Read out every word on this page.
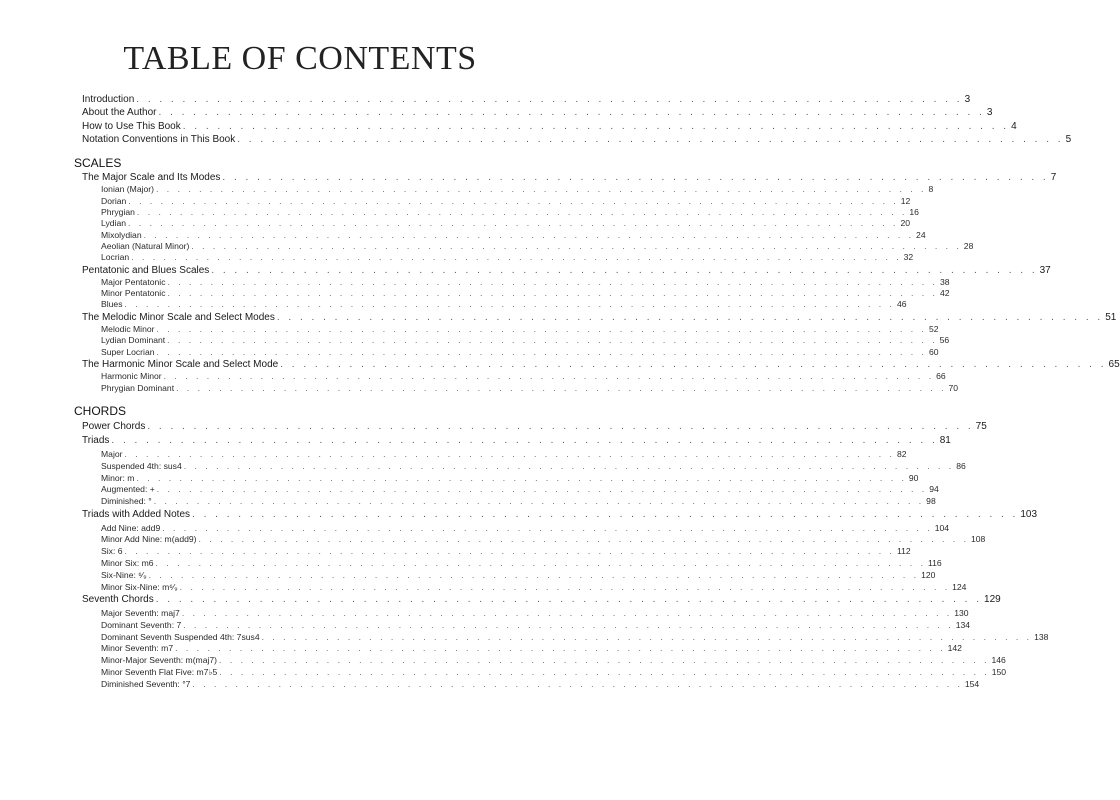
TABLE OF CONTENTS
Introduction . . . . . . . . . . . . . . . . . . . . . . . . . . . . . . . . . . . . . . . . . . . . . . . . . . . . . . . . . . . . . . . . . . . . . . . . 3
About the Author . . . . . . . . . . . . . . . . . . . . . . . . . . . . . . . . . . . . . . . . . . . . . . . . . . . . . . . . . . . . . . . . . . . . . . . . 3
How to Use This Book . . . . . . . . . . . . . . . . . . . . . . . . . . . . . . . . . . . . . . . . . . . . . . . . . . . . . . . . . . . . . . . . . . . . . . . . 4
Notation Conventions in This Book . . . . . . . . . . . . . . . . . . . . . . . . . . . . . . . . . . . . . . . . . . . . . . . . . . . . . . . . . . . . . . . . . . . . . . . . 5
SCALES
The Major Scale and Its Modes . . . . . . . . . . . . . . . . . . . . . . . . . . . . . . . . . . . . . . . . . . . . . . . . . . . . . . . . . . . . . . . . . . . . . . . . 7
Ionian (Major) . . . . . . . . . . . . . . . . . . . . . . . . . . . . . . . . . . . . . . . . . . . . . . . . . . . . . . . . . . . . . . . . . . . . . . . . 8
Dorian . . . . . . . . . . . . . . . . . . . . . . . . . . . . . . . . . . . . . . . . . . . . . . . . . . . . . . . . . . . . . . . . . . . . . . . . 12
Phrygian . . . . . . . . . . . . . . . . . . . . . . . . . . . . . . . . . . . . . . . . . . . . . . . . . . . . . . . . . . . . . . . . . . . . . . . . 16
Lydian . . . . . . . . . . . . . . . . . . . . . . . . . . . . . . . . . . . . . . . . . . . . . . . . . . . . . . . . . . . . . . . . . . . . . . . . 20
Mixolydian . . . . . . . . . . . . . . . . . . . . . . . . . . . . . . . . . . . . . . . . . . . . . . . . . . . . . . . . . . . . . . . . . . . . . . . . 24
Aeolian (Natural Minor) . . . . . . . . . . . . . . . . . . . . . . . . . . . . . . . . . . . . . . . . . . . . . . . . . . . . . . . . . . . . . . . . . . . . . . . . 28
Locrian . . . . . . . . . . . . . . . . . . . . . . . . . . . . . . . . . . . . . . . . . . . . . . . . . . . . . . . . . . . . . . . . . . . . . . . . 32
Pentatonic and Blues Scales . . . . . . . . . . . . . . . . . . . . . . . . . . . . . . . . . . . . . . . . . . . . . . . . . . . . . . . . . . . . . . . . . . . . . . . . 37
Major Pentatonic . . . . . . . . . . . . . . . . . . . . . . . . . . . . . . . . . . . . . . . . . . . . . . . . . . . . . . . . . . . . . . . . . . . . . . . . 38
Minor Pentatonic . . . . . . . . . . . . . . . . . . . . . . . . . . . . . . . . . . . . . . . . . . . . . . . . . . . . . . . . . . . . . . . . . . . . . . . . 42
Blues . . . . . . . . . . . . . . . . . . . . . . . . . . . . . . . . . . . . . . . . . . . . . . . . . . . . . . . . . . . . . . . . . . . . . . . . 46
The Melodic Minor Scale and Select Modes . . . . . . . . . . . . . . . . . . . . . . . . . . . . . . . . . . . . . . . . . . . . . . . . . . . . . . . . . . . . . . . . . . . . . . . . 51
Melodic Minor . . . . . . . . . . . . . . . . . . . . . . . . . . . . . . . . . . . . . . . . . . . . . . . . . . . . . . . . . . . . . . . . . . . . . . . . 52
Lydian Dominant . . . . . . . . . . . . . . . . . . . . . . . . . . . . . . . . . . . . . . . . . . . . . . . . . . . . . . . . . . . . . . . . . . . . . . . . 56
Super Locrian . . . . . . . . . . . . . . . . . . . . . . . . . . . . . . . . . . . . . . . . . . . . . . . . . . . . . . . . . . . . . . . . . . . . . . . . 60
The Harmonic Minor Scale and Select Mode . . . . . . . . . . . . . . . . . . . . . . . . . . . . . . . . . . . . . . . . . . . . . . . . . . . . . . . . . . . . . . . . . . . . . . . . 65
Harmonic Minor . . . . . . . . . . . . . . . . . . . . . . . . . . . . . . . . . . . . . . . . . . . . . . . . . . . . . . . . . . . . . . . . . . . . . . . . 66
Phrygian Dominant . . . . . . . . . . . . . . . . . . . . . . . . . . . . . . . . . . . . . . . . . . . . . . . . . . . . . . . . . . . . . . . . . . . . . . . . 70
CHORDS
Power Chords . . . . . . . . . . . . . . . . . . . . . . . . . . . . . . . . . . . . . . . . . . . . . . . . . . . . . . . . . . . . . . . . . . . . . . . . 75
Triads . . . . . . . . . . . . . . . . . . . . . . . . . . . . . . . . . . . . . . . . . . . . . . . . . . . . . . . . . . . . . . . . . . . . . . . . 81
Major . . . . . . . . . . . . . . . . . . . . . . . . . . . . . . . . . . . . . . . . . . . . . . . . . . . . . . . . . . . . . . . . . . . . . . . . 82
Suspended 4th: sus4 . . . . . . . . . . . . . . . . . . . . . . . . . . . . . . . . . . . . . . . . . . . . . . . . . . . . . . . . . . . . . . . . . . . . . . . . 86
Minor: m . . . . . . . . . . . . . . . . . . . . . . . . . . . . . . . . . . . . . . . . . . . . . . . . . . . . . . . . . . . . . . . . . . . . . . . . 90
Augmented: + . . . . . . . . . . . . . . . . . . . . . . . . . . . . . . . . . . . . . . . . . . . . . . . . . . . . . . . . . . . . . . . . . . . . . . . . 94
Diminished: ° . . . . . . . . . . . . . . . . . . . . . . . . . . . . . . . . . . . . . . . . . . . . . . . . . . . . . . . . . . . . . . . . . . . . . . . . 98
Triads with Added Notes . . . . . . . . . . . . . . . . . . . . . . . . . . . . . . . . . . . . . . . . . . . . . . . . . . . . . . . . . . . . . . . . . . . . . . . . 103
Add Nine: add9 . . . . . . . . . . . . . . . . . . . . . . . . . . . . . . . . . . . . . . . . . . . . . . . . . . . . . . . . . . . . . . . . . . . . . . . . 104
Minor Add Nine: m(add9) . . . . . . . . . . . . . . . . . . . . . . . . . . . . . . . . . . . . . . . . . . . . . . . . . . . . . . . . . . . . . . . . . . . . . . . . 108
Six: 6 . . . . . . . . . . . . . . . . . . . . . . . . . . . . . . . . . . . . . . . . . . . . . . . . . . . . . . . . . . . . . . . . . . . . . . . . 112
Minor Six: m6 . . . . . . . . . . . . . . . . . . . . . . . . . . . . . . . . . . . . . . . . . . . . . . . . . . . . . . . . . . . . . . . . . . . . . . . . 116
Six-Nine: ⁶⁄₉ . . . . . . . . . . . . . . . . . . . . . . . . . . . . . . . . . . . . . . . . . . . . . . . . . . . . . . . . . . . . . . . . . . . . . . . . 120
Minor Six-Nine: m⁶⁄₉ . . . . . . . . . . . . . . . . . . . . . . . . . . . . . . . . . . . . . . . . . . . . . . . . . . . . . . . . . . . . . . . . . . . . . . . . 124
Seventh Chords . . . . . . . . . . . . . . . . . . . . . . . . . . . . . . . . . . . . . . . . . . . . . . . . . . . . . . . . . . . . . . . . . . . . . . . . 129
Major Seventh: maj7 . . . . . . . . . . . . . . . . . . . . . . . . . . . . . . . . . . . . . . . . . . . . . . . . . . . . . . . . . . . . . . . . . . . . . . . . 130
Dominant Seventh: 7 . . . . . . . . . . . . . . . . . . . . . . . . . . . . . . . . . . . . . . . . . . . . . . . . . . . . . . . . . . . . . . . . . . . . . . . . 134
Dominant Seventh Suspended 4th: 7sus4 . . . . . . . . . . . . . . . . . . . . . . . . . . . . . . . . . . . . . . . . . . . . . . . . . . . . . . . . . . . . . . . . . . . . . . . . 138
Minor Seventh: m7 . . . . . . . . . . . . . . . . . . . . . . . . . . . . . . . . . . . . . . . . . . . . . . . . . . . . . . . . . . . . . . . . . . . . . . . . 142
Minor-Major Seventh: m(maj7) . . . . . . . . . . . . . . . . . . . . . . . . . . . . . . . . . . . . . . . . . . . . . . . . . . . . . . . . . . . . . . . . . . . . . . . . 146
Minor Seventh Flat Five: m7♭5 . . . . . . . . . . . . . . . . . . . . . . . . . . . . . . . . . . . . . . . . . . . . . . . . . . . . . . . . . . . . . . . . . . . . . . . . 150
Diminished Seventh: °7 . . . . . . . . . . . . . . . . . . . . . . . . . . . . . . . . . . . . . . . . . . . . . . . . . . . . . . . . . . . . . . . . . . . . . . . . 154
